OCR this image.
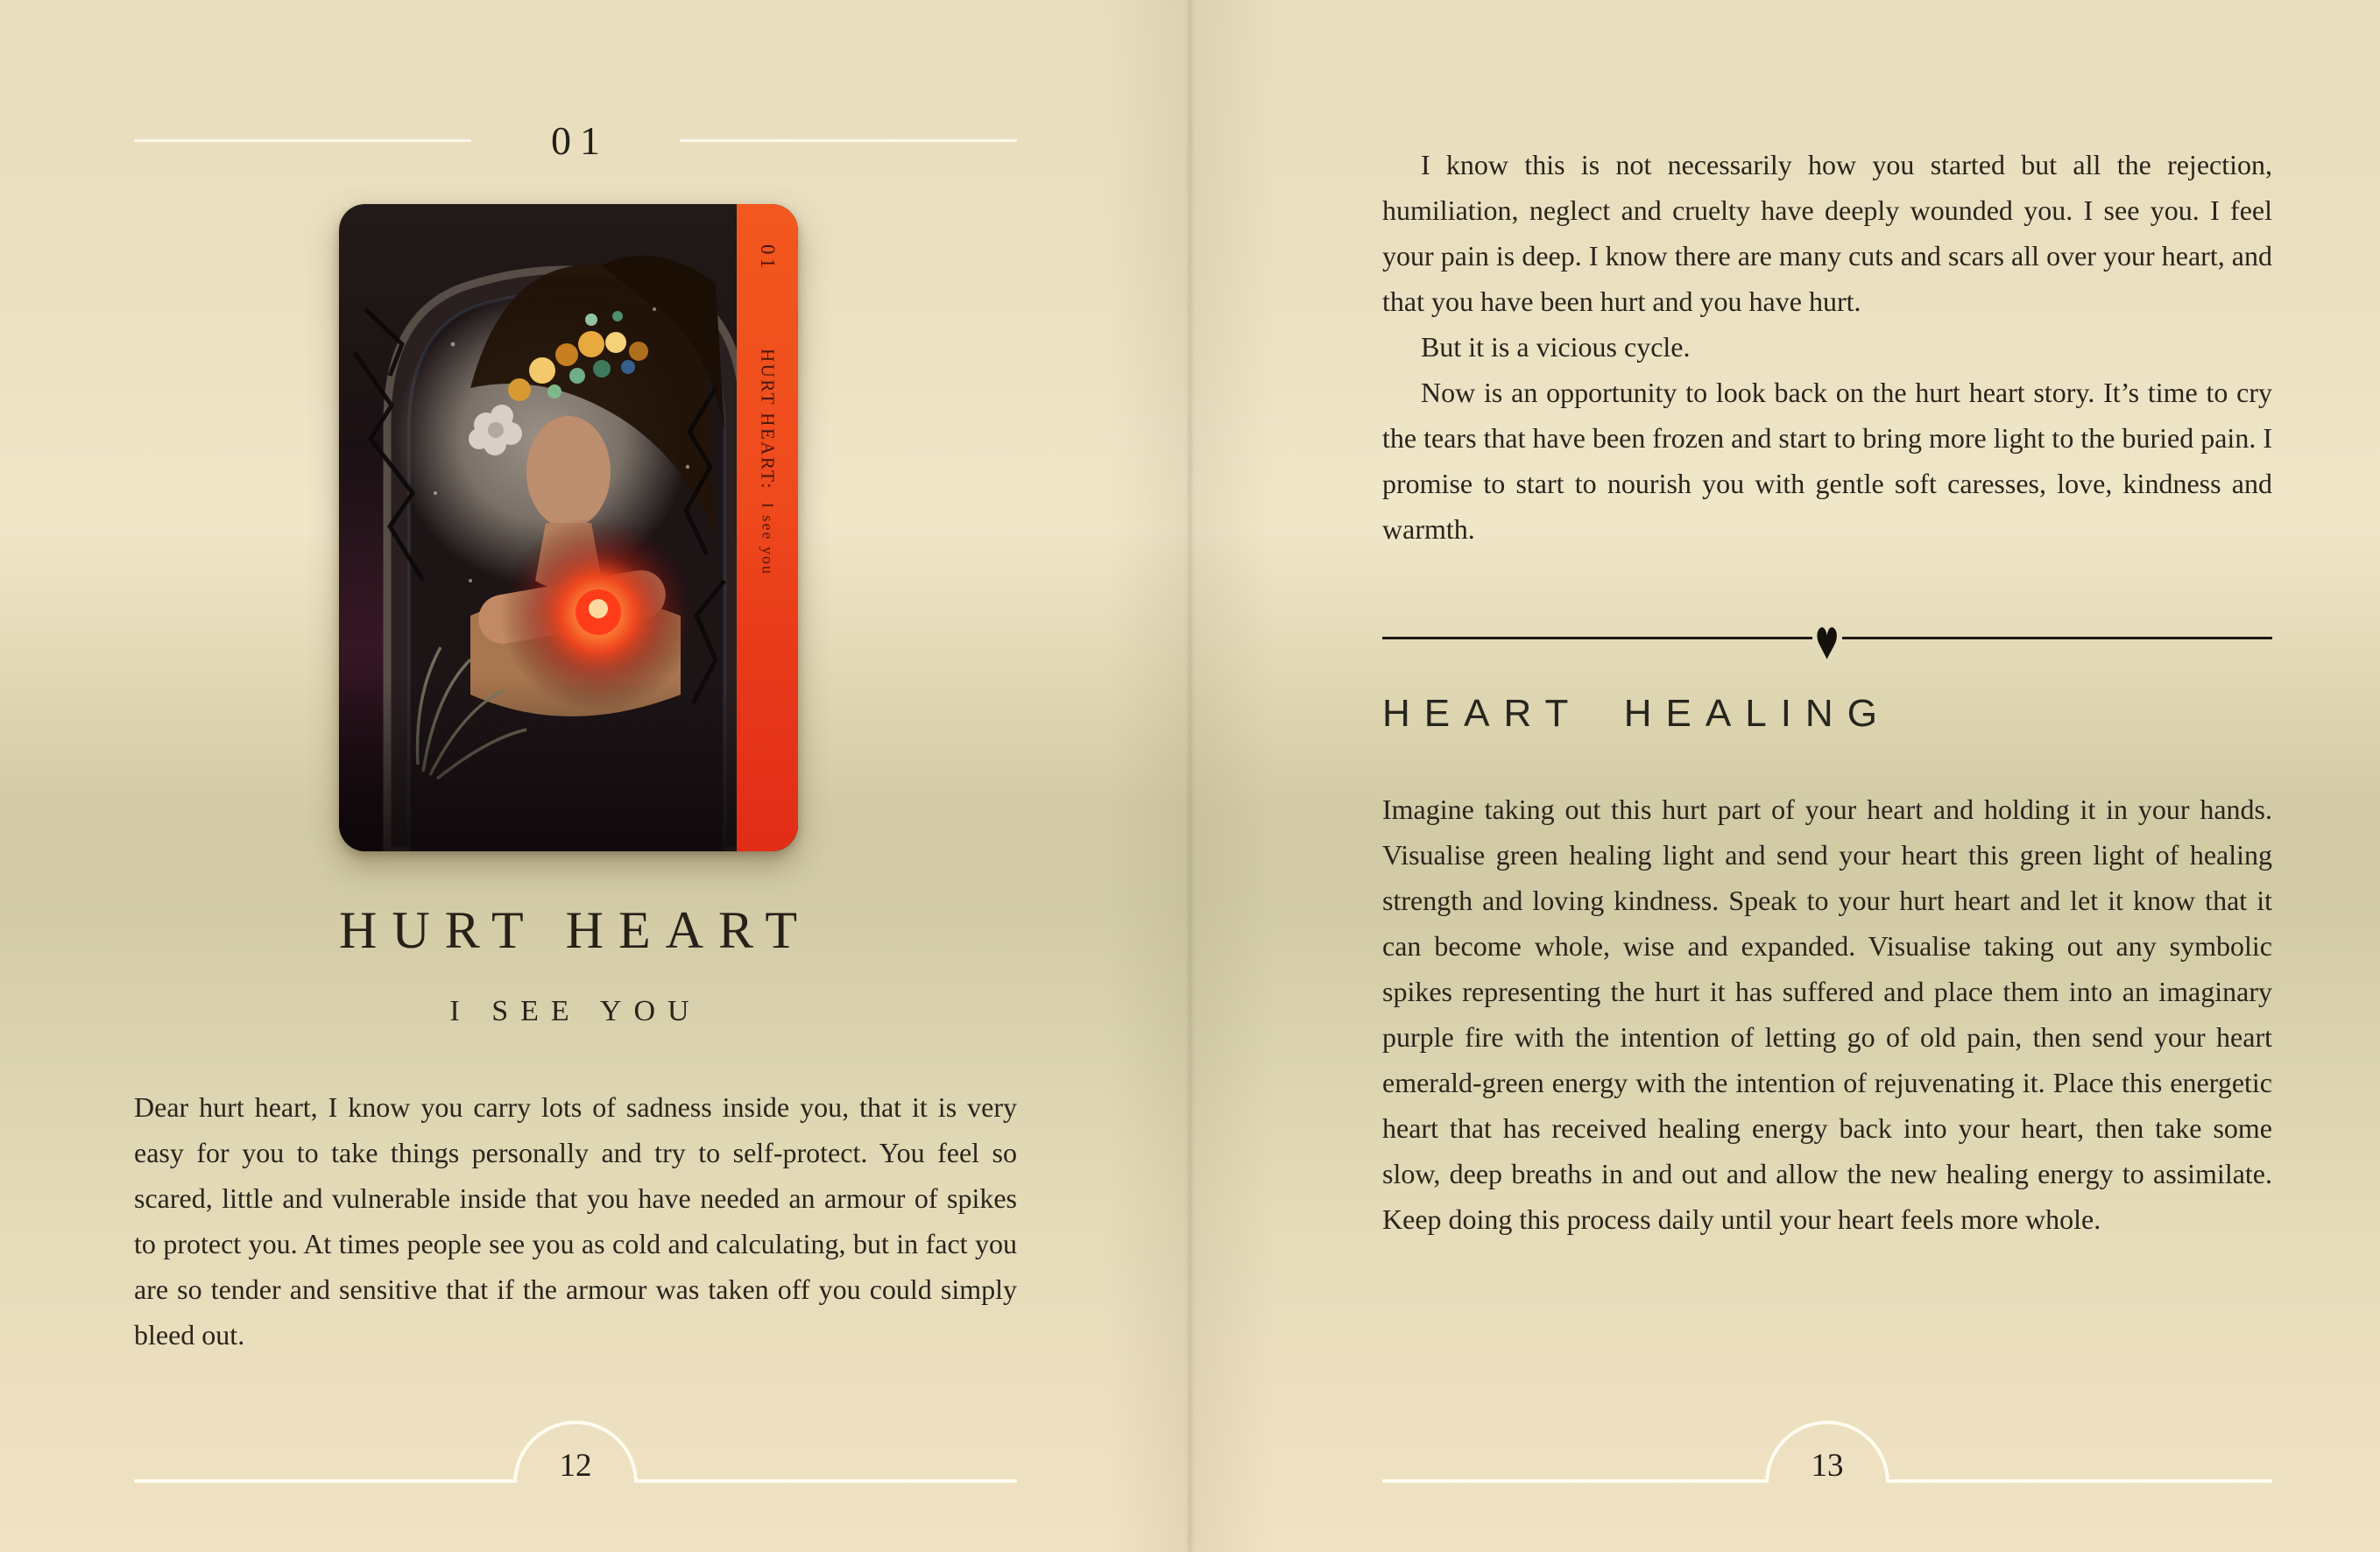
01
01
HURT HEART:
I see you
HURT HEART
I SEE YOU

Dear hurt heart, I know you carry lots of sadness inside you, that it is very easy for you to take things personally and try to self-protect. You feel so scared, little and vulnerable inside that you have needed an armour of spikes to protect you. At times people see you as cold and calculating, but in fact you are so tender and sensitive that if the armour was taken off you could simply bleed out.

12

I know this is not necessarily how you started but all the rejection, humiliation, neglect and cruelty have deeply wounded you. I see you. I feel your pain is deep. I know there are many cuts and scars all over your heart, and that you have been hurt and you have hurt.

But it is a vicious cycle.

Now is an opportunity to look back on the hurt heart story. It’s time to cry the tears that have been frozen and start to bring more light to the buried pain. I promise to start to nourish you with gentle soft caresses, love, kindness and warmth.

♥
HEART HEALING

Imagine taking out this hurt part of your heart and holding it in your hands. Visualise green healing light and send your heart this green light of healing strength and loving kindness. Speak to your hurt heart and let it know that it can become whole, wise and expanded. Visualise taking out any symbolic spikes representing the hurt it has suffered and place them into an imaginary purple fire with the intention of letting go of old pain, then send your heart emerald-green energy with the intention of rejuvenating it. Place this energetic heart that has received healing energy back into your heart, then take some slow, deep breaths in and out and allow the new healing energy to assimilate. Keep doing this process daily until your heart feels more whole.

13
